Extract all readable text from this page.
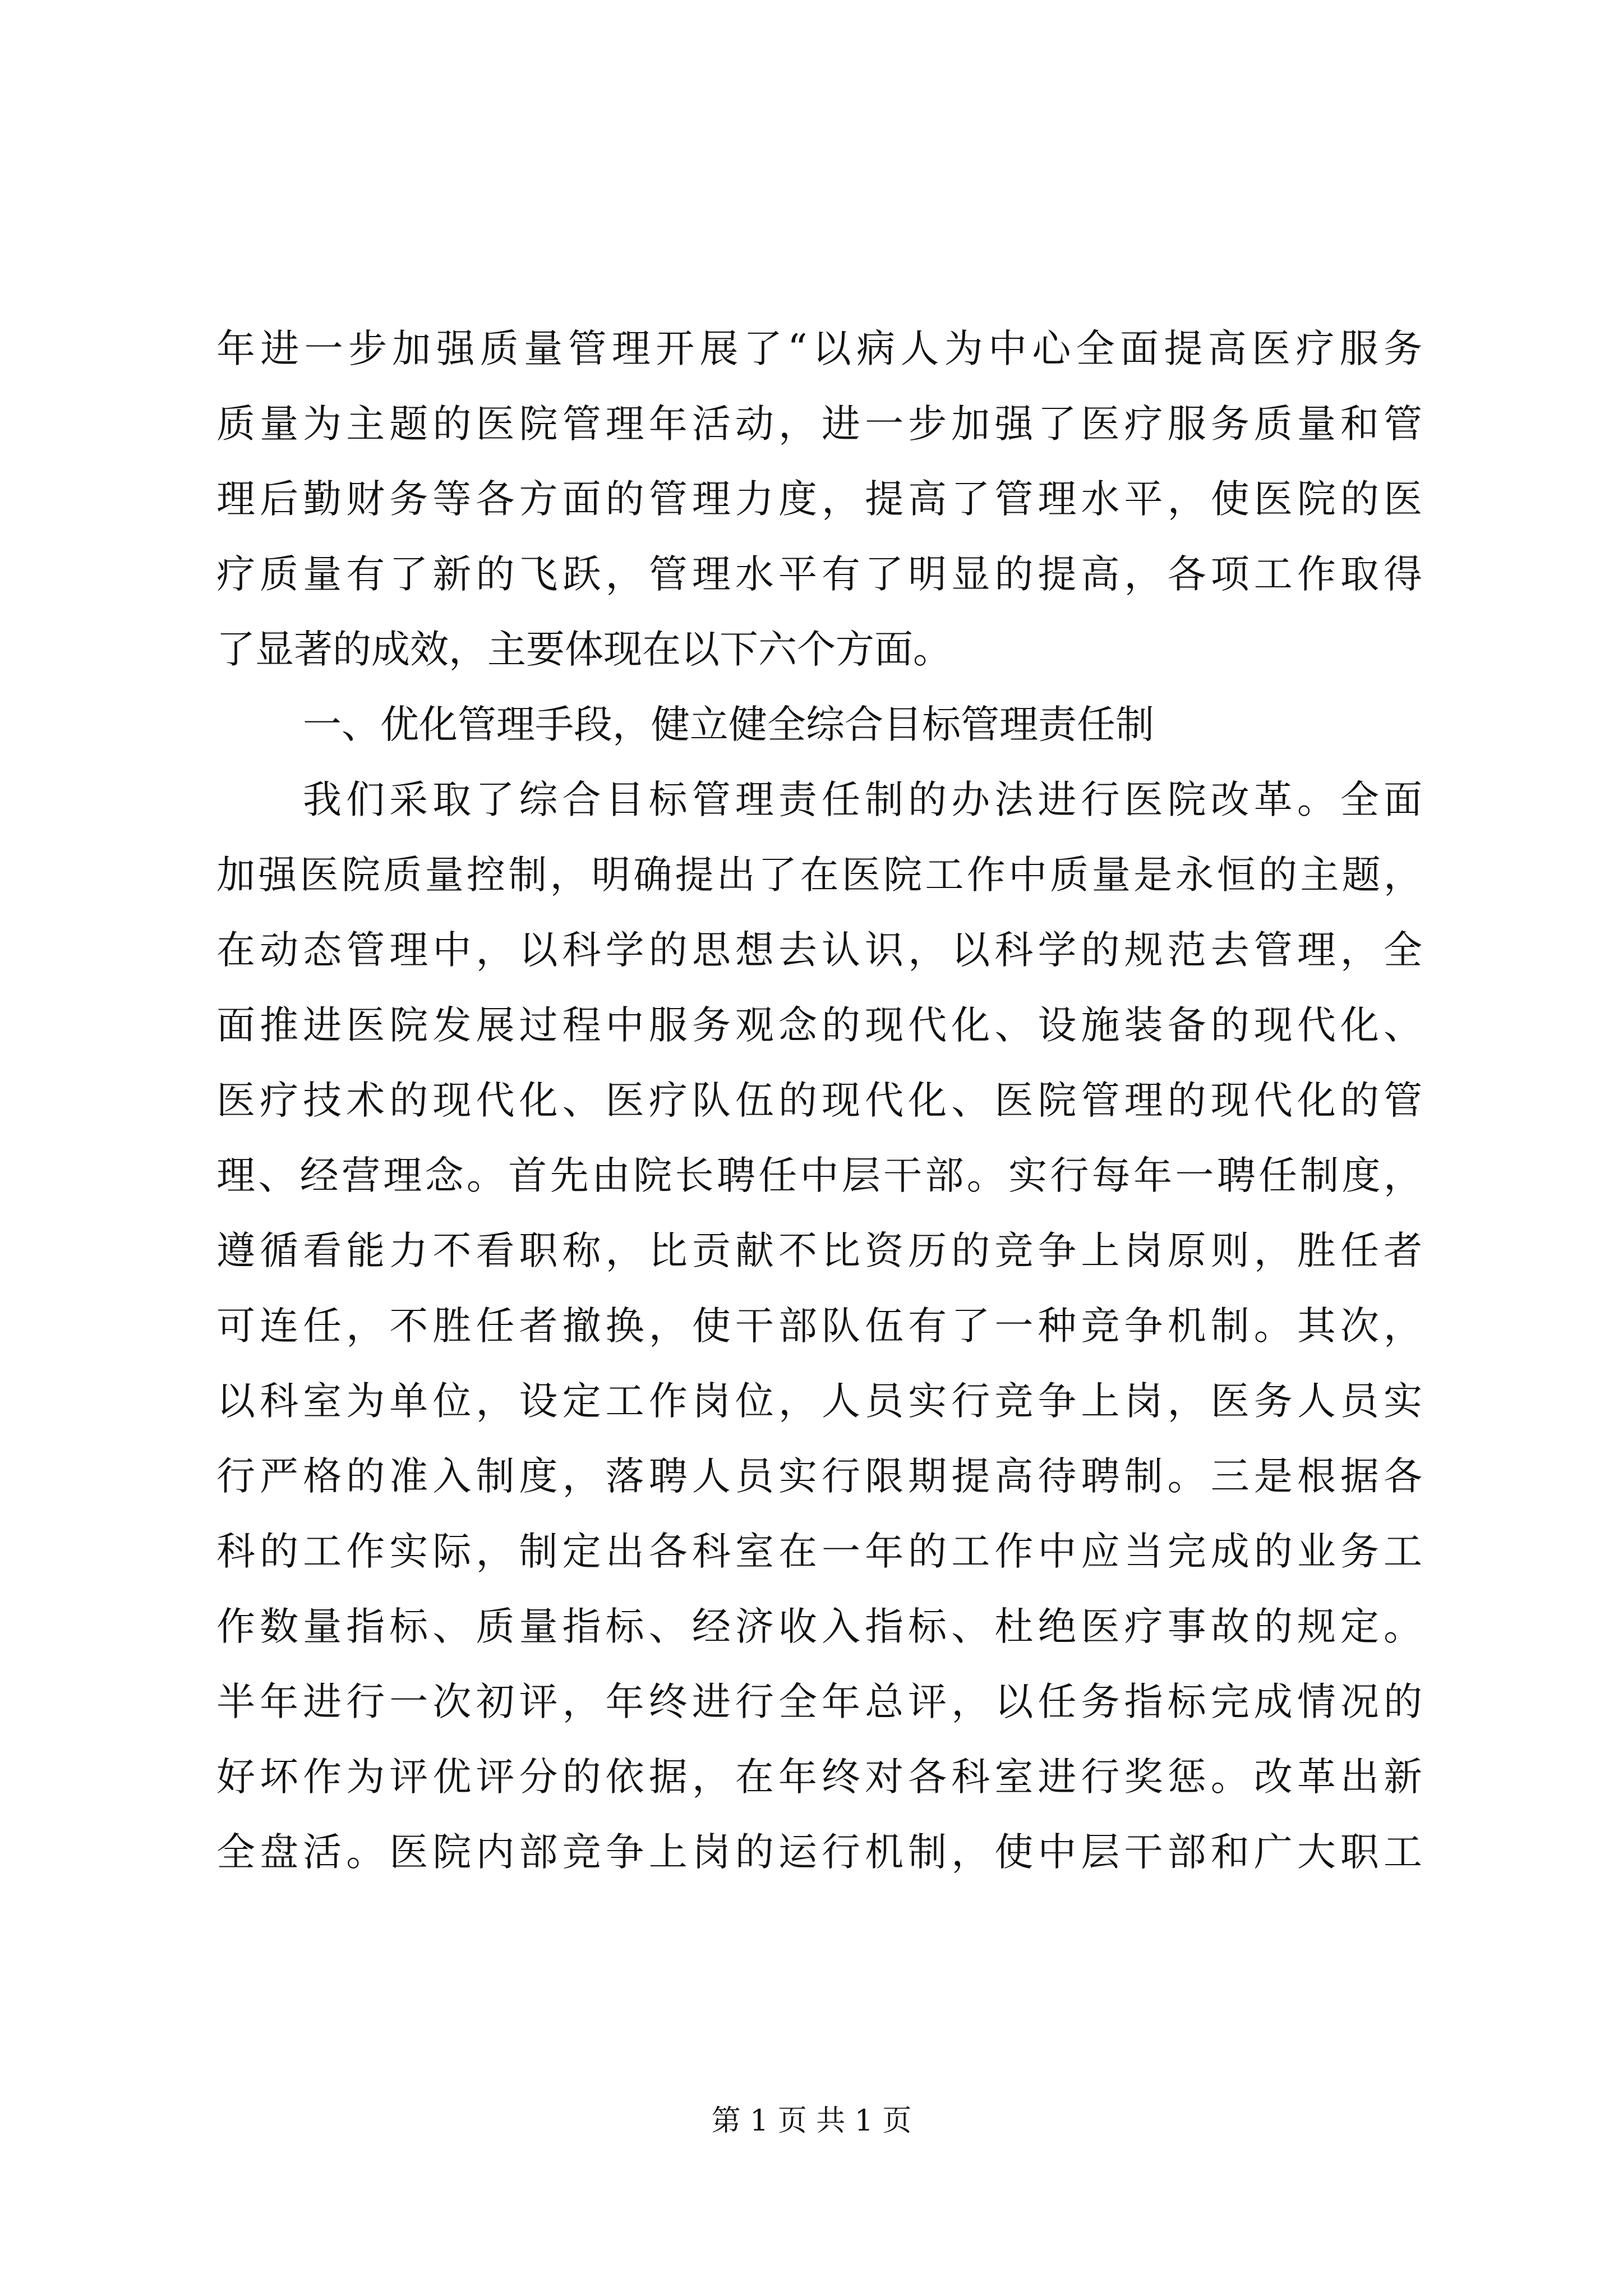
年进一步加强质量管理开展了“以病人为中心全面提高医疗服务
质量为主题的医院管理年活动，进一步加强了医疗服务质量和管
理后勤财务等各方面的管理力度，提高了管理水平，使医院的医
疗质量有了新的飞跃，管理水平有了明显的提高，各项工作取得
了显著的成效，主要体现在以下六个方面。
一、优化管理手段，健立健全综合目标管理责任制
我们采取了综合目标管理责任制的办法进行医院改革。全面
加强医院质量控制，明确提出了在医院工作中质量是永恒的主题，
在动态管理中，以科学的思想去认识，以科学的规范去管理，全
面推进医院发展过程中服务观念的现代化、设施装备的现代化、
医疗技术的现代化、医疗队伍的现代化、医院管理的现代化的管
理、经营理念。首先由院长聘任中层干部。实行每年一聘任制度，
遵循看能力不看职称，比贡献不比资历的竞争上岗原则，胜任者
可连任，不胜任者撤换，使干部队伍有了一种竞争机制。其次，
以科室为单位，设定工作岗位，人员实行竞争上岗，医务人员实
行严格的准入制度，落聘人员实行限期提高待聘制。三是根据各
科的工作实际，制定出各科室在一年的工作中应当完成的业务工
作数量指标、质量指标、经济收入指标、杜绝医疗事故的规定。
半年进行一次初评，年终进行全年总评，以任务指标完成情况的
好坏作为评优评分的依据，在年终对各科室进行奖惩。改革出新
全盘活。医院内部竞争上岗的运行机制，使中层干部和广大职工
第 1 页 共 1 页
